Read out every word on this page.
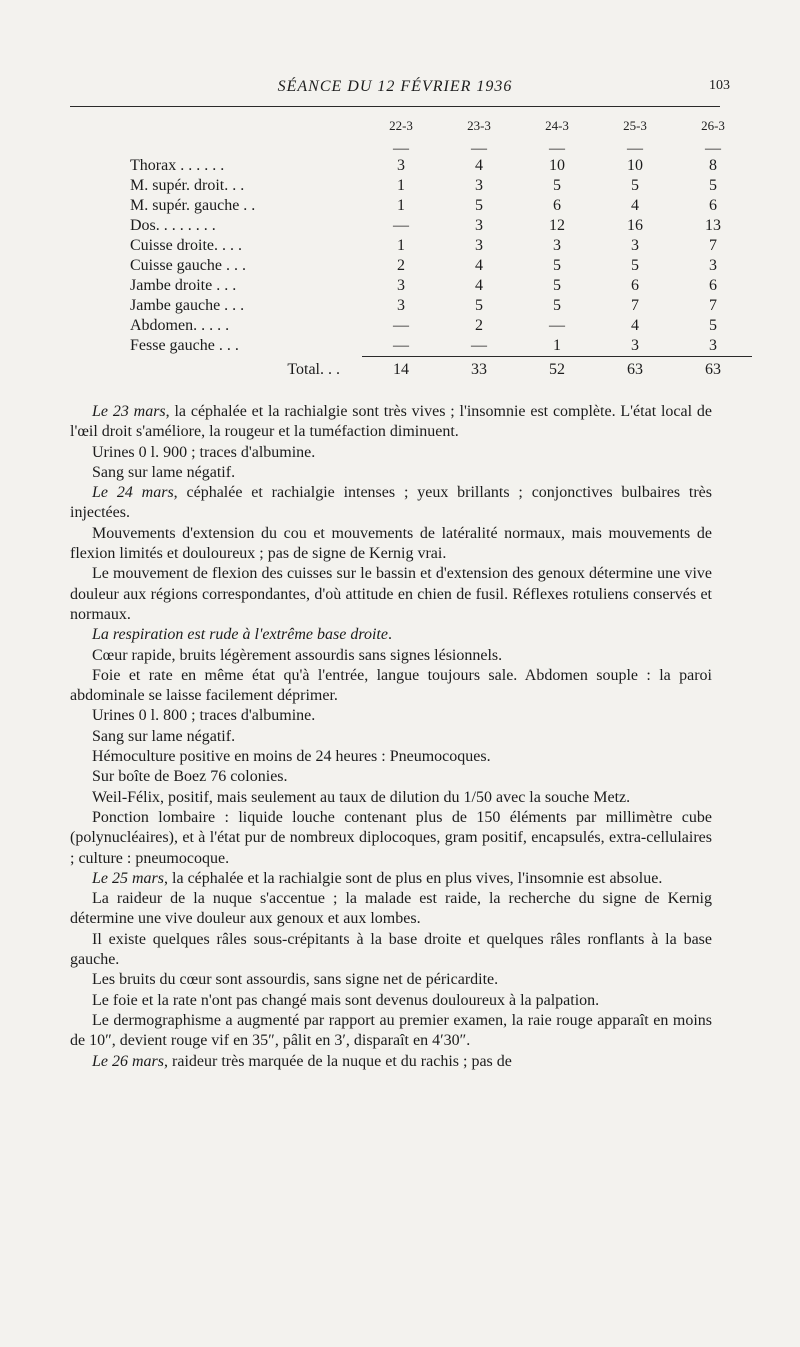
SÉANCE DU 12 FÉVRIER 1936	103
	22-3	23-3	24-3	25-3	26-3
	—	—	—	—	—
Thorax . . . . . .	3	4	10	10	8
M. supér. droit. . .	1	3	5	5	5
M. supér. gauche . .	1	5	6	4	6
Dos. . . . . . . .	—	3	12	16	13
Cuisse droite. . . .	1	3	3	3	7
Cuisse gauche . . .	2	4	5	5	3
Jambe droite . . .	3	4	5	6	6
Jambe gauche . . .	3	5	5	7	7
Abdomen. . . . .	—	2	—	4	5
Fesse gauche . . .	—	—	1	3	3
Total. . .	14	33	52	63	63

Le 23 mars, la céphalée et la rachialgie sont très vives ; l'insomnie est complète. L'état local de l'œil droit s'améliore, la rougeur et la tuméfaction diminuent.

Urines 0 l. 900 ; traces d'albumine.

Sang sur lame négatif.

Le 24 mars, céphalée et rachialgie intenses ; yeux brillants ; conjonctives bulbaires très injectées.

Mouvements d'extension du cou et mouvements de latéralité normaux, mais mouvements de flexion limités et douloureux ; pas de signe de Kernig vrai.

Le mouvement de flexion des cuisses sur le bassin et d'extension des genoux détermine une vive douleur aux régions correspondantes, d'où attitude en chien de fusil. Réflexes rotuliens conservés et normaux.

La respiration est rude à l'extrême base droite.

Cœur rapide, bruits légèrement assourdis sans signes lésionnels.

Foie et rate en même état qu'à l'entrée, langue toujours sale. Abdomen souple : la paroi abdominale se laisse facilement déprimer.

Urines 0 l. 800 ; traces d'albumine.

Sang sur lame négatif.

Hémoculture positive en moins de 24 heures : Pneumocoques.

Sur boîte de Boez 76 colonies.

Weil-Félix, positif, mais seulement au taux de dilution du 1/50 avec la souche Metz.

Ponction lombaire : liquide louche contenant plus de 150 éléments par millimètre cube (polynucléaires), et à l'état pur de nombreux diplocoques, gram positif, encapsulés, extra-cellulaires ; culture : pneumocoque.

Le 25 mars, la céphalée et la rachialgie sont de plus en plus vives, l'insomnie est absolue.

La raideur de la nuque s'accentue ; la malade est raide, la recherche du signe de Kernig détermine une vive douleur aux genoux et aux lombes.

Il existe quelques râles sous-crépitants à la base droite et quelques râles ronflants à la base gauche.

Les bruits du cœur sont assourdis, sans signe net de péricardite.

Le foie et la rate n'ont pas changé mais sont devenus douloureux à la palpation.

Le dermographisme a augmenté par rapport au premier examen, la raie rouge apparaît en moins de 10″, devient rouge vif en 35″, pâlit en 3′, disparaît en 4′30″.

Le 26 mars, raideur très marquée de la nuque et du rachis ; pas de
